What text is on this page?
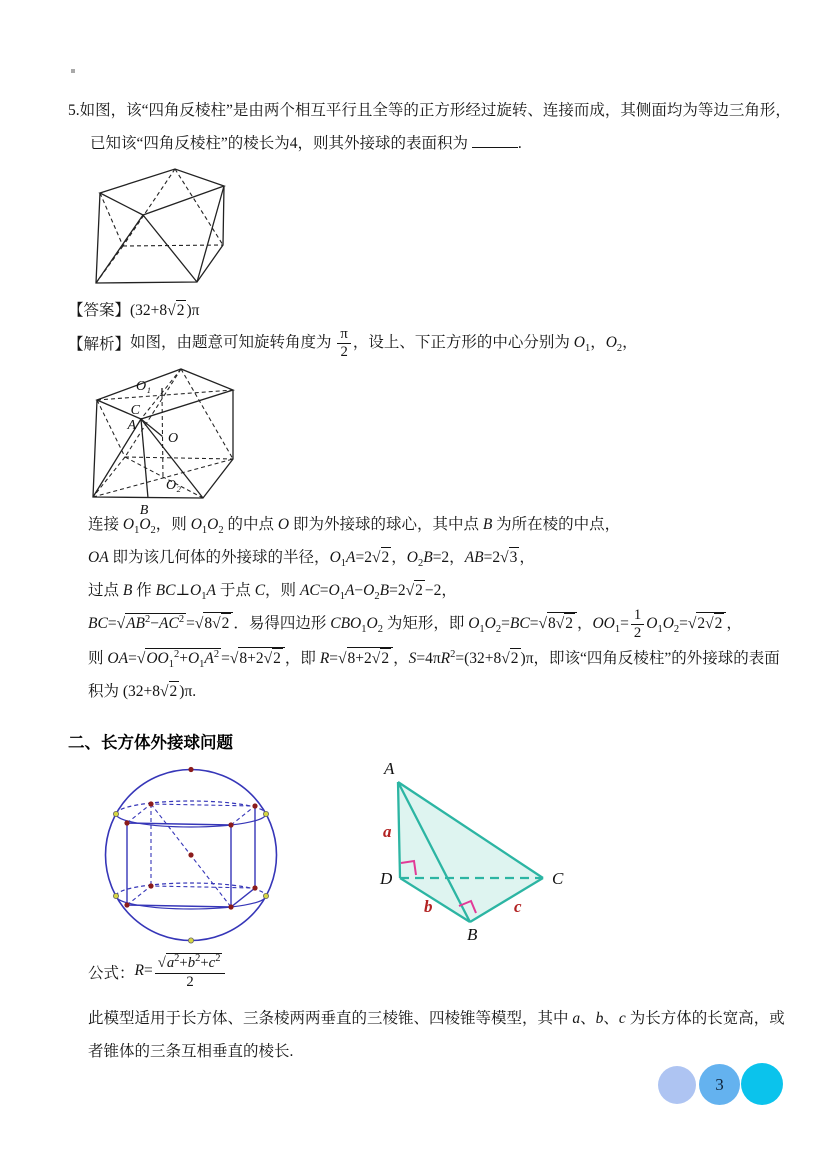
5.如图，该“四角反棱柱”是由两个相互平行且全等的正方形经过旋转、连接而成，其侧面均为等边三角形，已知该“四角反棱柱”的棱长为4，则其外接球的表面积为	.
【答案】 (32+8√2 )π
【解析】 如图，由题意可知旋转角度为 $\frac{\pi}{2}$ ，设上、下正方形的中心分别为 $O_1$，$O_2$，
O₁
C
A
O
O₂
B
连接 $O_1O_2$，则 $O_1O_2$ 的中点 O 即为外接球的球心，其中点 B 为所在棱的中点，
OA 即为该几何体的外接球的半径，$O_1A=2√2$ ，$O_2B=2$，AB=2√3 ，
过点 B 作 $BC\perp O_1A$ 于点 C，则 $AC=O_1A-O_2B=2√2 -2$，
$BC=√AB^2-AC^2 =√8√2$ ．易得四边形 $CBO_1O_2$ 为矩形，即 $O_1O_2=BC=√8√2$ ，$OO_1= \frac{1}{2} O_1O_2=√2√2$ ，
则 $OA=√OO_1^2+O_1A^2 =√8+2√2$ ，即 R=√8+2√2 ，$S=4\pi R^2=(32+8√2$ )π，即该“四角反棱柱”的外接球的表面积为 (32+8√2 )π.
二、长方体外接球问题
A
D
B
C
a
b	c
公式： $R= \frac{√a^2+b^2+c^2}{2}$
此模型适用于长方体、三条棱两两垂直的三棱锥、四棱锥等模型，其中 a、b、c 为长方体的长宽高，或者锥体的三条互相垂直的棱长.
3
